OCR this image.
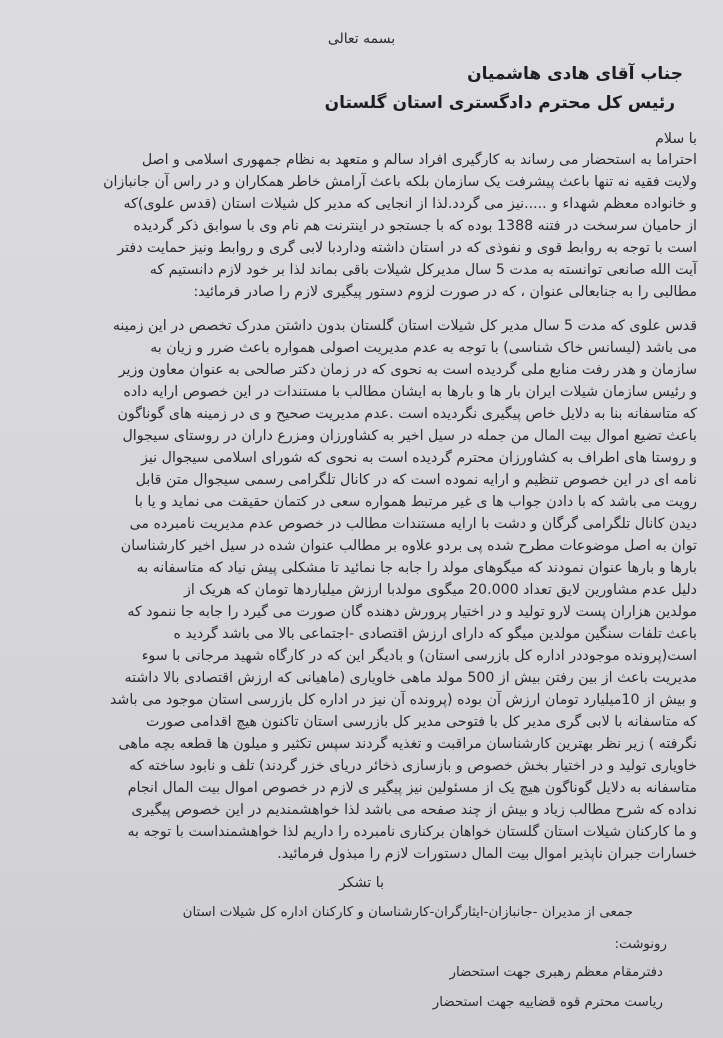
بسمه تعالی
جناب آقای هادی هاشمیان
رئیس کل محترم دادگستری استان گلستان
با سلام
احتراما به استحضار می رساند به کارگیری افراد سالم و متعهد به نظام جمهوری اسلامی و اصل
ولایت فقیه نه تنها باعث پیشرفت یک سازمان بلکه باعث آرامش خاطر همکاران و در راس آن جانبازان
و خانواده معظم شهداء و .....نیز می گردد.لذا از انجایی که مدیر کل شیلات استان (قدس علوی)که
از حامیان سرسخت در فتنه 1388 بوده که با جستجو در اینترنت هم نام وی با سوابق ذکر گردیده
است با توجه به روابط قوی و نفوذی که در استان داشته وداردبا لابی گری و روابط ونیز حمایت دفتر
آیت الله صانعی توانسته به مدت 5 سال مدیرکل شیلات باقی بماند لذا بر خود لازم دانستیم که
مطالبی را به جنابعالی عنوان ، که در صورت لزوم دستور پیگیری لازم را صادر فرمائید:
قدس علوی که مدت 5 سال مدیر کل شیلات استان گلستان بدون داشتن مدرک تخصص در این زمینه
می باشد (لیسانس خاک شناسی) با توجه به عدم مدیریت اصولی همواره باعث ضرر و زیان به
سازمان و هدر رفت منابع ملی گردیده است به نحوی که در زمان دکتر صالحی به عنوان معاون وزیر
و رئیس سازمان شیلات ایران بار ها و بارها به ایشان مطالب با مستندات در این خصوص ارایه داده
که متاسفانه بنا به دلایل خاص پیگیری نگردیده است .عدم مدیریت صحیح و ی در زمینه های گوناگون
باعث تضیع اموال بیت المال من جمله در سیل اخیر به کشاورزان ومزرع داران در روستای سیجوال
و روستا های اطراف به کشاورزان محترم گردیده است به نحوی که شورای اسلامی سیجوال نیز
نامه ای در این خصوص تنظیم و ارایه نموده است که در کانال تلگرامی رسمی سیجوال متن قابل
رویت می باشد که با دادن جواب ها ی غیر مرتبط همواره سعی در کتمان حقیقت می نماید و یا با
دیدن کانال تلگرامی گرگان و دشت با ارایه مستندات مطالب در خصوص عدم مدیریت نامبرده می
توان به اصل موضوعات مطرح شده پی بردو علاوه بر مطالب عنوان شده در سیل اخیر کارشناسان
بارها و بارها عنوان نمودند که میگوهای مولد را جابه جا نمائید تا مشکلی پیش نیاد که متاسفانه به
دلیل عدم مشاورین لایق تعداد 20.000 میگوی مولدبا ارزش میلیاردها تومان که هریک از
مولدین هزاران پست لارو تولید و در اختیار پرورش دهنده گان صورت می گیرد را جابه جا ننمود که
باعث تلفات سنگین مولدین میگو که دارای ارزش اقتصادی -اجتماعی بالا می باشد گردید ه
است(پرونده موجوددر اداره کل بازرسی استان) و بادیگر این که در کارگاه شهید مرجانی با سوء
مدیریت باعث از بین رفتن بیش از 500 مولد ماهی خاویاری (ماهیانی که ارزش اقتصادی بالا داشته
و بیش از 10میلیارد تومان ارزش آن بوده (پرونده آن نیز در اداره کل بازرسی استان موجود می باشد
که متاسفانه با لابی گری مدیر کل با فتوحی مدیر کل بازرسی استان تاکنون هیچ اقدامی صورت
نگرفته ) زیر نظر بهترین کارشناسان مراقبت و تغذیه گردند سپس تکثیر و میلون ها قطعه بچه ماهی
خاویاری تولید و در اختیار بخش خصوص و بازسازی ذخائر دریای خزر گردند) تلف و نابود ساخته که
متاسفانه به دلایل گوناگون هیچ یک از مسئولین نیز پیگیر ی لازم در خصوص اموال بیت المال انجام
نداده که شرح مطالب زیاد و بیش از چند صفحه می باشد لذا خواهشمندیم در این خصوص پیگیری
و ما کارکنان شیلات استان گلستان خواهان برکناری نامبرده را داریم لذا خواهشمنداست با توجه به
خسارات جبران ناپذیر اموال بیت المال دستورات لازم را مبذول فرمائید.
با تشکر
جمعی از مدیران -جانبازان-ایثارگران-کارشناسان و کارکنان اداره کل شیلات استان
رونوشت:
دفترمقام معظم رهبری جهت استحضار
ریاست محترم قوه قضاییه جهت استحضار
